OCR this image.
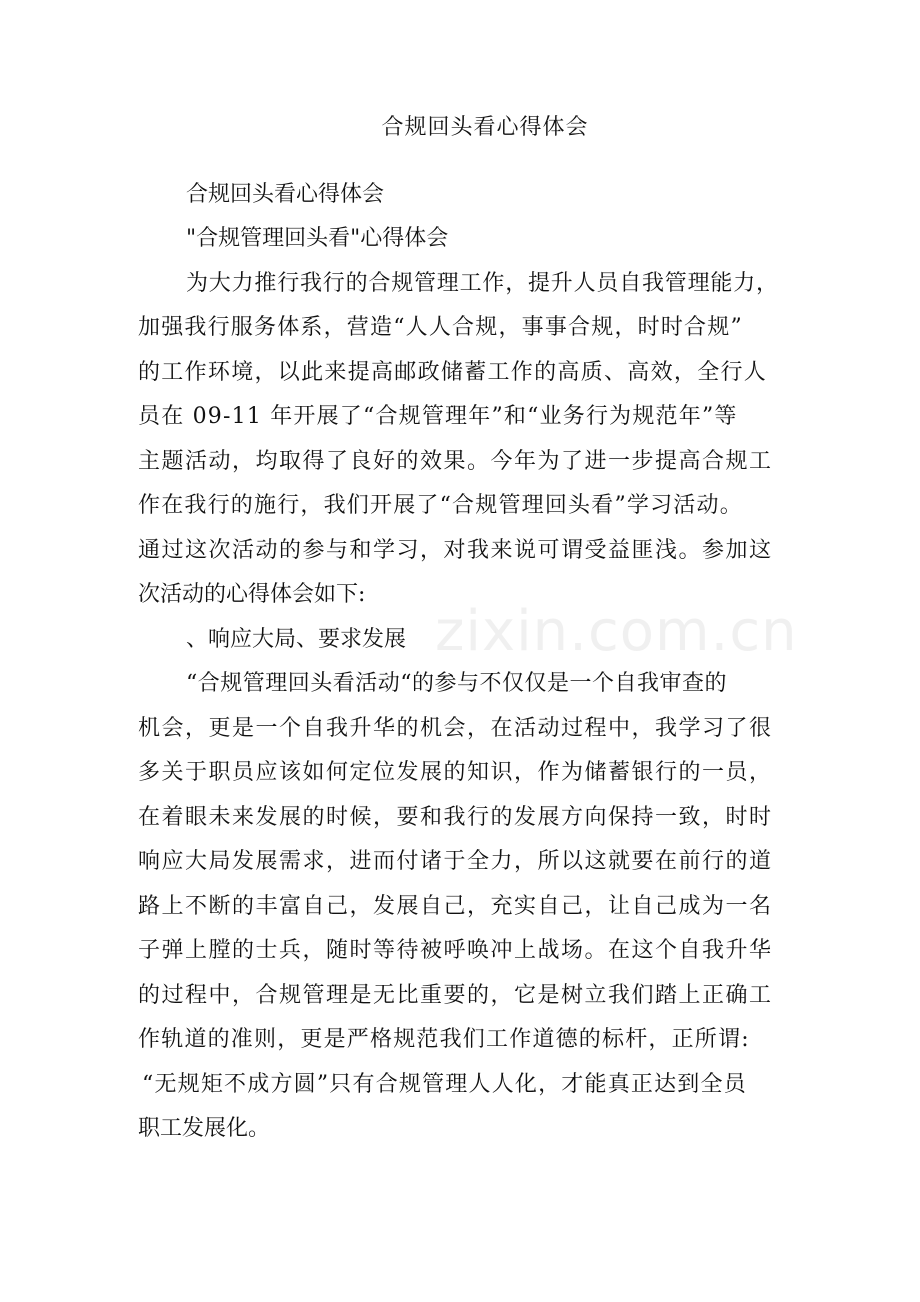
合规回头看心得体会
合规回头看心得体会
"合规管理回头看"心得体会
为大力推行我行的合规管理工作，提升人员自我管理能力，
加强我行服务体系，营造“人人合规，事事合规，时时合规”
的工作环境，以此来提高邮政储蓄工作的高质、高效，全行人
员在 09-11 年开展了“合规管理年”和“业务行为规范年”等
主题活动，均取得了良好的效果。今年为了进一步提高合规工
作在我行的施行，我们开展了“合规管理回头看”学习活动。
通过这次活动的参与和学习，对我来说可谓受益匪浅。参加这
次活动的心得体会如下:
、响应大局、要求发展
“合规管理回头看活动“的参与不仅仅是一个自我审查的
机会，更是一个自我升华的机会，在活动过程中，我学习了很
多关于职员应该如何定位发展的知识，作为储蓄银行的一员，
在着眼未来发展的时候，要和我行的发展方向保持一致，时时
响应大局发展需求，进而付诸于全力，所以这就要在前行的道
路上不断的丰富自己，发展自己，充实自己，让自己成为一名
子弹上膛的士兵，随时等待被呼唤冲上战场。在这个自我升华
的过程中，合规管理是无比重要的，它是树立我们踏上正确工
作轨道的准则，更是严格规范我们工作道德的标杆，正所谓:
“无规矩不成方圆”只有合规管理人人化，才能真正达到全员
职工发展化。
zixin.com.cn
